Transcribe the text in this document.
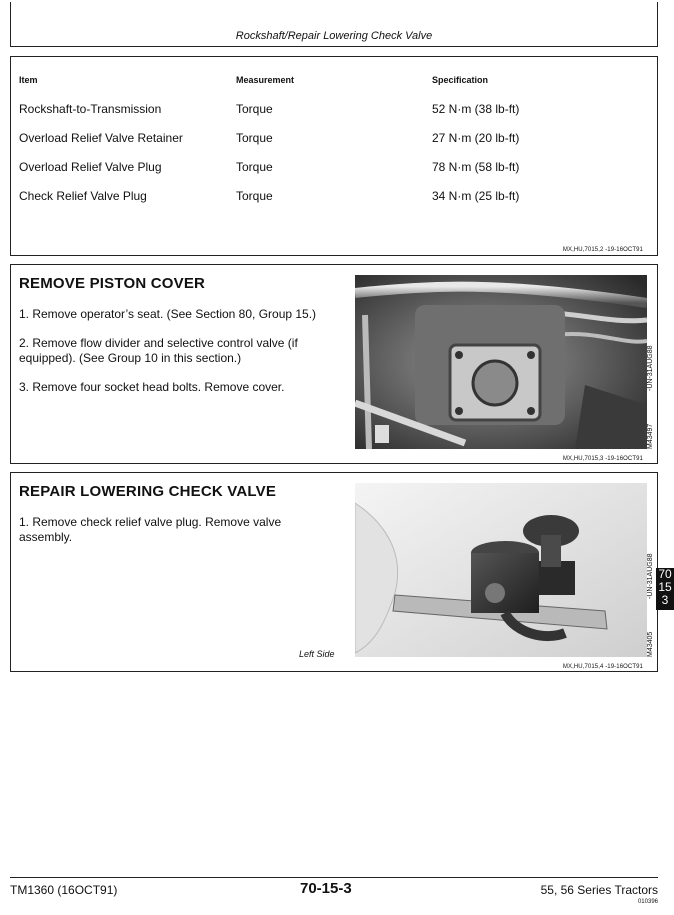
Rockshaft/Repair Lowering Check Valve
Item	Measurement	Specification
Rockshaft-to-Transmission	Torque	52 N·m (38 lb-ft)
Overload Relief Valve Retainer	Torque	27 N·m (20 lb-ft)
Overload Relief Valve Plug	Torque	78 N·m (58 lb-ft)
Check Relief Valve Plug	Torque	34 N·m (25 lb-ft)
MX,HU,7015,2 -19-16OCT91
REMOVE PISTON COVER
1. Remove operator’s seat. (See Section 80, Group 15.)
2. Remove flow divider and selective control valve (if equipped). (See Group 10 in this section.)
3. Remove four socket head bolts. Remove cover.	-UN-31AUG88
M43497
MX,HU,7015,3 -19-16OCT91
REPAIR LOWERING CHECK VALVE
1. Remove check relief valve plug. Remove valve assembly.
Left Side
-UN-31AUG88
M43405
MX,HU,7015,4 -19-16OCT91
70
15
3
TM1360 (16OCT91)	70-15-3	55, 56 Series Tractors
010396
